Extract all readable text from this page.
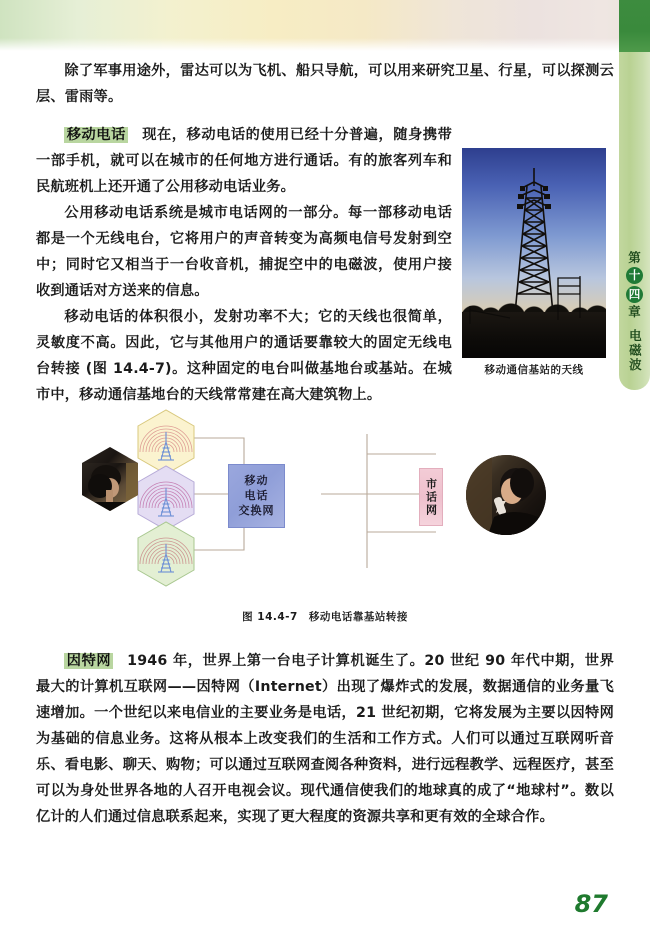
第
十
四
章
电磁波

除了军事用途外，雷达可以为飞机、船只导航，可以用来研究卫星、行星，可以探测云层、雷雨等。

移动电话 现在，移动电话的使用已经十分普遍，随身携带一部手机，就可以在城市的任何地方进行通话。有的旅客列车和民航班机上还开通了公用移动电话业务。

公用移动电话系统是城市电话网的一部分。每一部移动电话都是一个无线电台，它将用户的声音转变为高频电信号发射到空中；同时它又相当于一台收音机，捕捉空中的电磁波，使用户接收到通话对方送来的信息。

移动电话的体积很小，发射功率不大；它的天线也很简单，灵敏度不高。因此，它与其他用户的通话要靠较大的固定无线电台转接 (图 14.4-7)。这种固定的电台叫做基地台或基站。在城市中，移动通信基地台的天线常常建在高大建筑物上。

移动通信基站的天线
移动
电话
交换网	市话网
图 14.4-7　移动电话靠基站转接

因特网 1946 年，世界上第一台电子计算机诞生了。20 世纪 90 年代中期，世界最大的计算机互联网——因特网（Internet）出现了爆炸式的发展，数据通信的业务量飞速增加。一个世纪以来电信业的主要业务是电话，21 世纪初期，它将发展为主要以因特网为基础的信息业务。这将从根本上改变我们的生活和工作方式。人们可以通过互联网听音乐、看电影、聊天、购物；可以通过互联网查阅各种资料，进行远程教学、远程医疗，甚至可以为身处世界各地的人召开电视会议。现代通信使我们的地球真的成了“地球村”。数以亿计的人们通过信息联系起来，实现了更大程度的资源共享和更有效的全球合作。

87
